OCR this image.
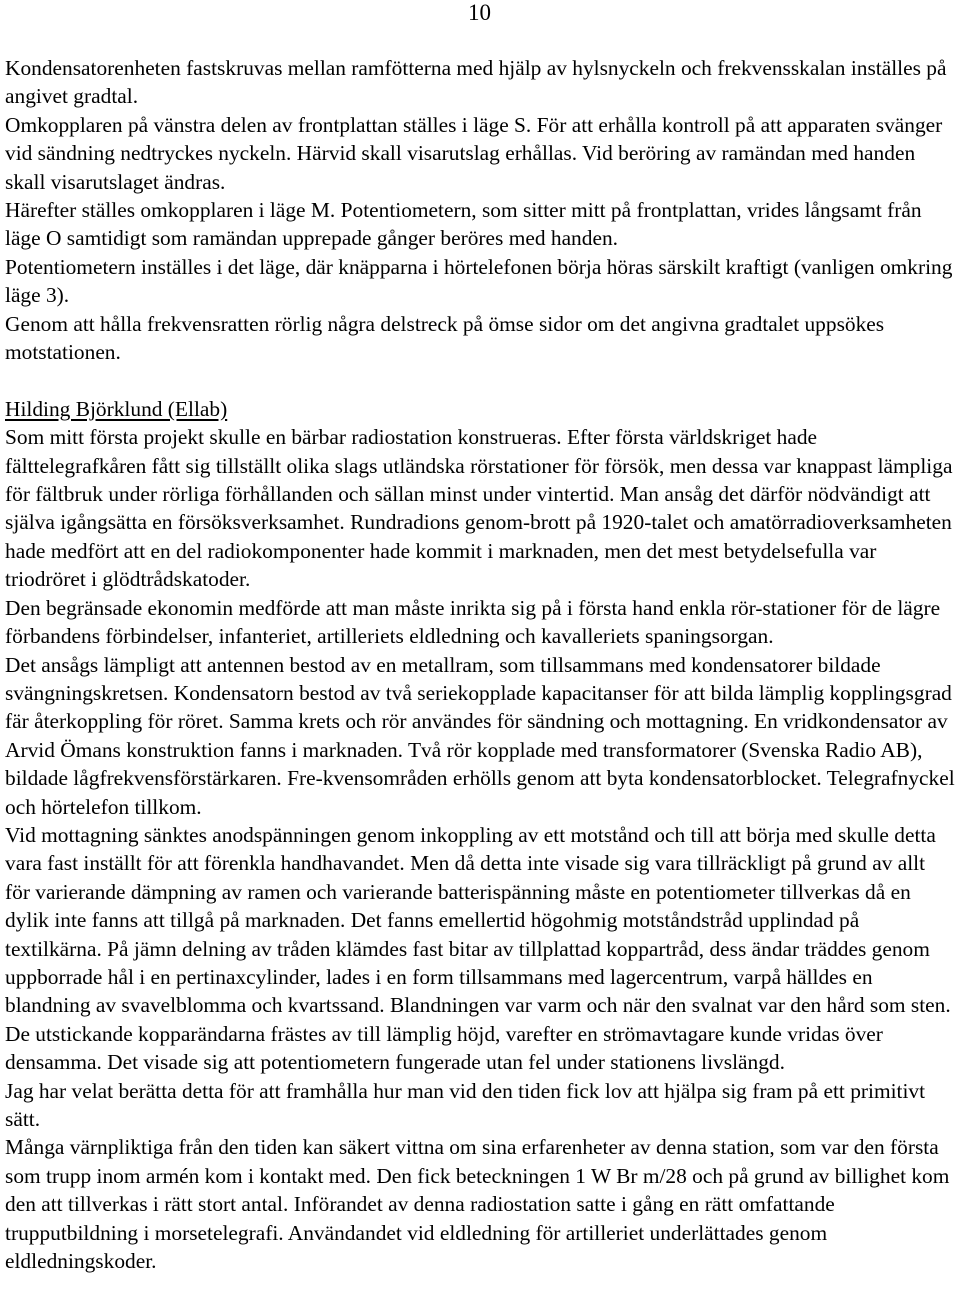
10

Kondensatorenheten fastskruvas mellan ramfötterna med hjälp av hylsnyckeln och frekvensskalan inställes på angivet gradtal.

Omkopplaren på vänstra delen av frontplattan ställes i läge S. För att erhålla kontroll på att apparaten svänger vid sändning nedtryckes nyckeln. Härvid skall visarutslag erhållas. Vid beröring av ramändan med handen skall visarutslaget ändras.

Härefter ställes omkopplaren i läge M. Potentiometern, som sitter mitt på frontplattan, vrides långsamt från läge O samtidigt som ramändan upprepade gånger beröres med handen.

Potentiometern inställes i det läge, där knäpparna i hörtelefonen börja höras särskilt kraftigt (vanligen omkring läge 3).

Genom att hålla frekvensratten rörlig några delstreck på ömse sidor om det angivna gradtalet uppsökes motstationen.

Hilding Björklund (Ellab)

Som mitt första projekt skulle en bärbar radiostation konstrueras. Efter första världskriget hade fälttelegrafkåren fått sig tillställt olika slags utländska rörstationer för försök, men dessa var knappast lämpliga för fältbruk under rörliga förhållanden och sällan minst under vintertid. Man ansåg det därför nödvändigt att själva igångsätta en försöksverksamhet. Rundradions genom-brott på 1920-talet och amatörradioverksamheten hade medfört att en del radiokomponenter hade kommit i marknaden, men det mest betydelsefulla var triodröret i glödtrådskatoder.

Den begränsade ekonomin medförde att man måste inrikta sig på i första hand enkla rör-stationer för de lägre förbandens förbindelser, infanteriet, artilleriets eldledning och kavalleriets spaningsorgan.

Det ansågs lämpligt att antennen bestod av en metallram, som tillsammans med kondensatorer bildade svängningskretsen. Kondensatorn bestod av två seriekopplade kapacitanser för att bilda lämplig kopplingsgrad fär återkoppling för röret. Samma krets och rör användes för sändning och mottagning. En vridkondensator av Arvid Ömans konstruktion fanns i marknaden. Två rör kopplade med transformatorer (Svenska Radio AB), bildade lågfrekvensförstärkaren. Fre-kvensområden erhölls genom att byta kondensatorblocket. Telegrafnyckel och hörtelefon tillkom.

Vid mottagning sänktes anodspänningen genom inkoppling av ett motstånd och till att börja med skulle detta vara fast inställt för att förenkla handhavandet. Men då detta inte visade sig vara tillräckligt på grund av allt för varierande dämpning av ramen och varierande batterispänning måste en potentiometer tillverkas då en dylik inte fanns att tillgå på marknaden. Det fanns emellertid högohmig motståndstråd upplindad på textilkärna. På jämn delning av tråden klämdes fast bitar av tillplattad koppartråd, dess ändar träddes genom uppborrade hål i en pertinaxcylinder, lades i en form tillsammans med lagercentrum, varpå hälldes en blandning av svavelblomma och kvartssand. Blandningen var varm och när den svalnat var den hård som sten.

De utstickande kopparändarna frästes av till lämplig höjd, varefter en strömavtagare kunde vridas över densamma. Det visade sig att potentiometern fungerade utan fel under stationens livslängd.

Jag har velat berätta detta för att framhålla hur man vid den tiden fick lov att hjälpa sig fram på ett primitivt sätt.

Många värnpliktiga från den tiden kan säkert vittna om sina erfarenheter av denna station, som var den första som trupp inom armén kom i kontakt med. Den fick beteckningen 1 W Br m/28 och på grund av billighet kom den att tillverkas i rätt stort antal. Införandet av denna radiostation satte i gång en rätt omfattande trupputbildning i morsetelegrafi. Användandet vid eldledning för artilleriet underlättades genom eldledningskoder.
